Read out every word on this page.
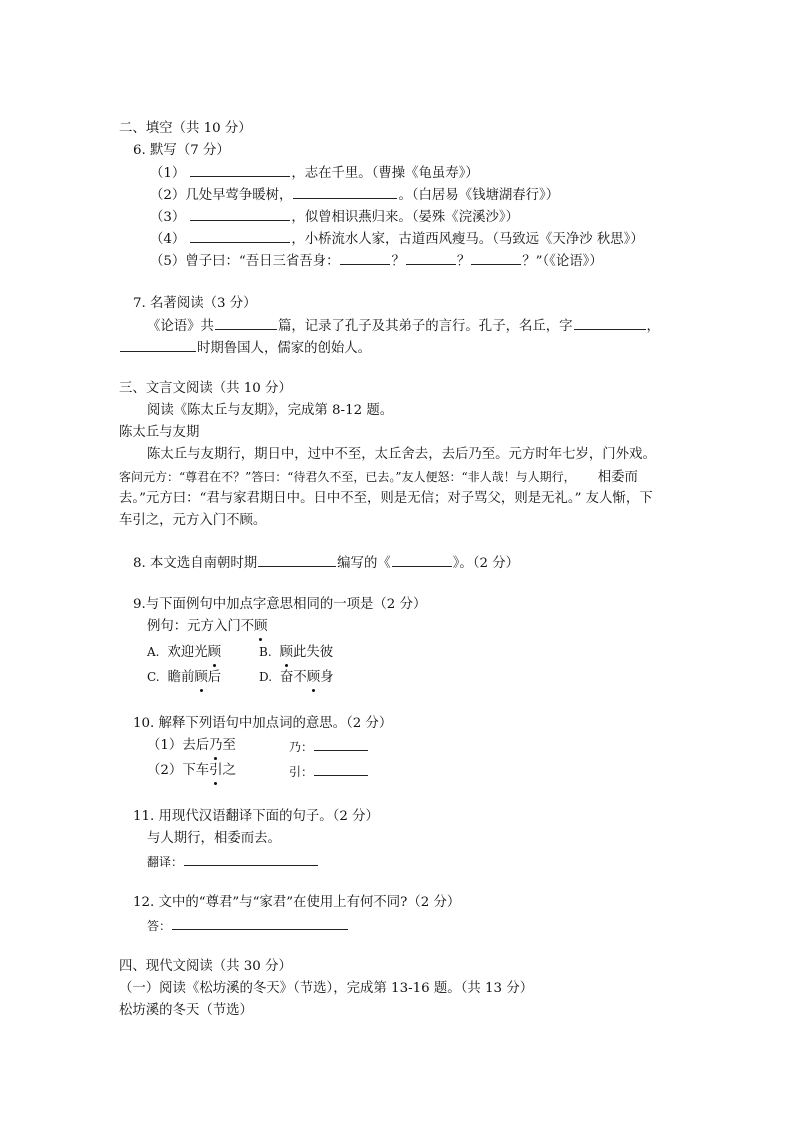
二、填空（共 10 分）
6. 默写（7 分）
（1）	，志在千里。（曹操《龟虽寿》）
（2）几处早莺争暖树，	。（白居易《钱塘湖春行》）
（3）	，似曾相识燕归来。（晏殊《浣溪沙》）
（4）	，小桥流水人家，古道西风瘦马。（马致远《天净沙 秋思》）
（5）曾子曰：“吾日三省吾身：	？	？	？”（《论语》）
7. 名著阅读（3 分）
《论语》共	篇，记录了孔子及其弟子的言行。孔子，名丘，字	，
时期鲁国人，儒家的创始人。
三、文言文阅读（共 10 分）
阅读《陈太丘与友期》，完成第 8-12 题。
陈太丘与友期
陈太丘与友期行，期日中，过中不至，太丘舍去，去后乃至。元方时年七岁，门外戏。
客问元方：“尊君在不？”答曰：“待君久不至，已去。”友人便怒：“非人哉！与人期行， 相委而
去。”元方曰：“君与家君期日中。日中不至，则是无信；对子骂父，则是无礼。” 友人惭，下
车引之，元方入门不顾。
8. 本文选自南朝时期	编写的《	》。（2 分）
9.与下面例句中加点字意思相同的一项是（2 分）
例句：元方入门不顾
A. 欢迎光顾	B. 顾此失彼
C. 瞻前顾后	D. 奋不顾身
10. 解释下列语句中加点词的意思。（2 分）
（1）去后乃至	乃：
（2）下车引之	引：
11. 用现代汉语翻译下面的句子。（2 分）
与人期行，相委而去。
翻译：
12. 文中的“尊君”与“家君”在使用上有何不同?（2 分）
答：
四、现代文阅读（共 30 分）
（一）阅读《松坊溪的冬天》（节选），完成第 13-16 题。（共 13 分）
松坊溪的冬天（节选）
